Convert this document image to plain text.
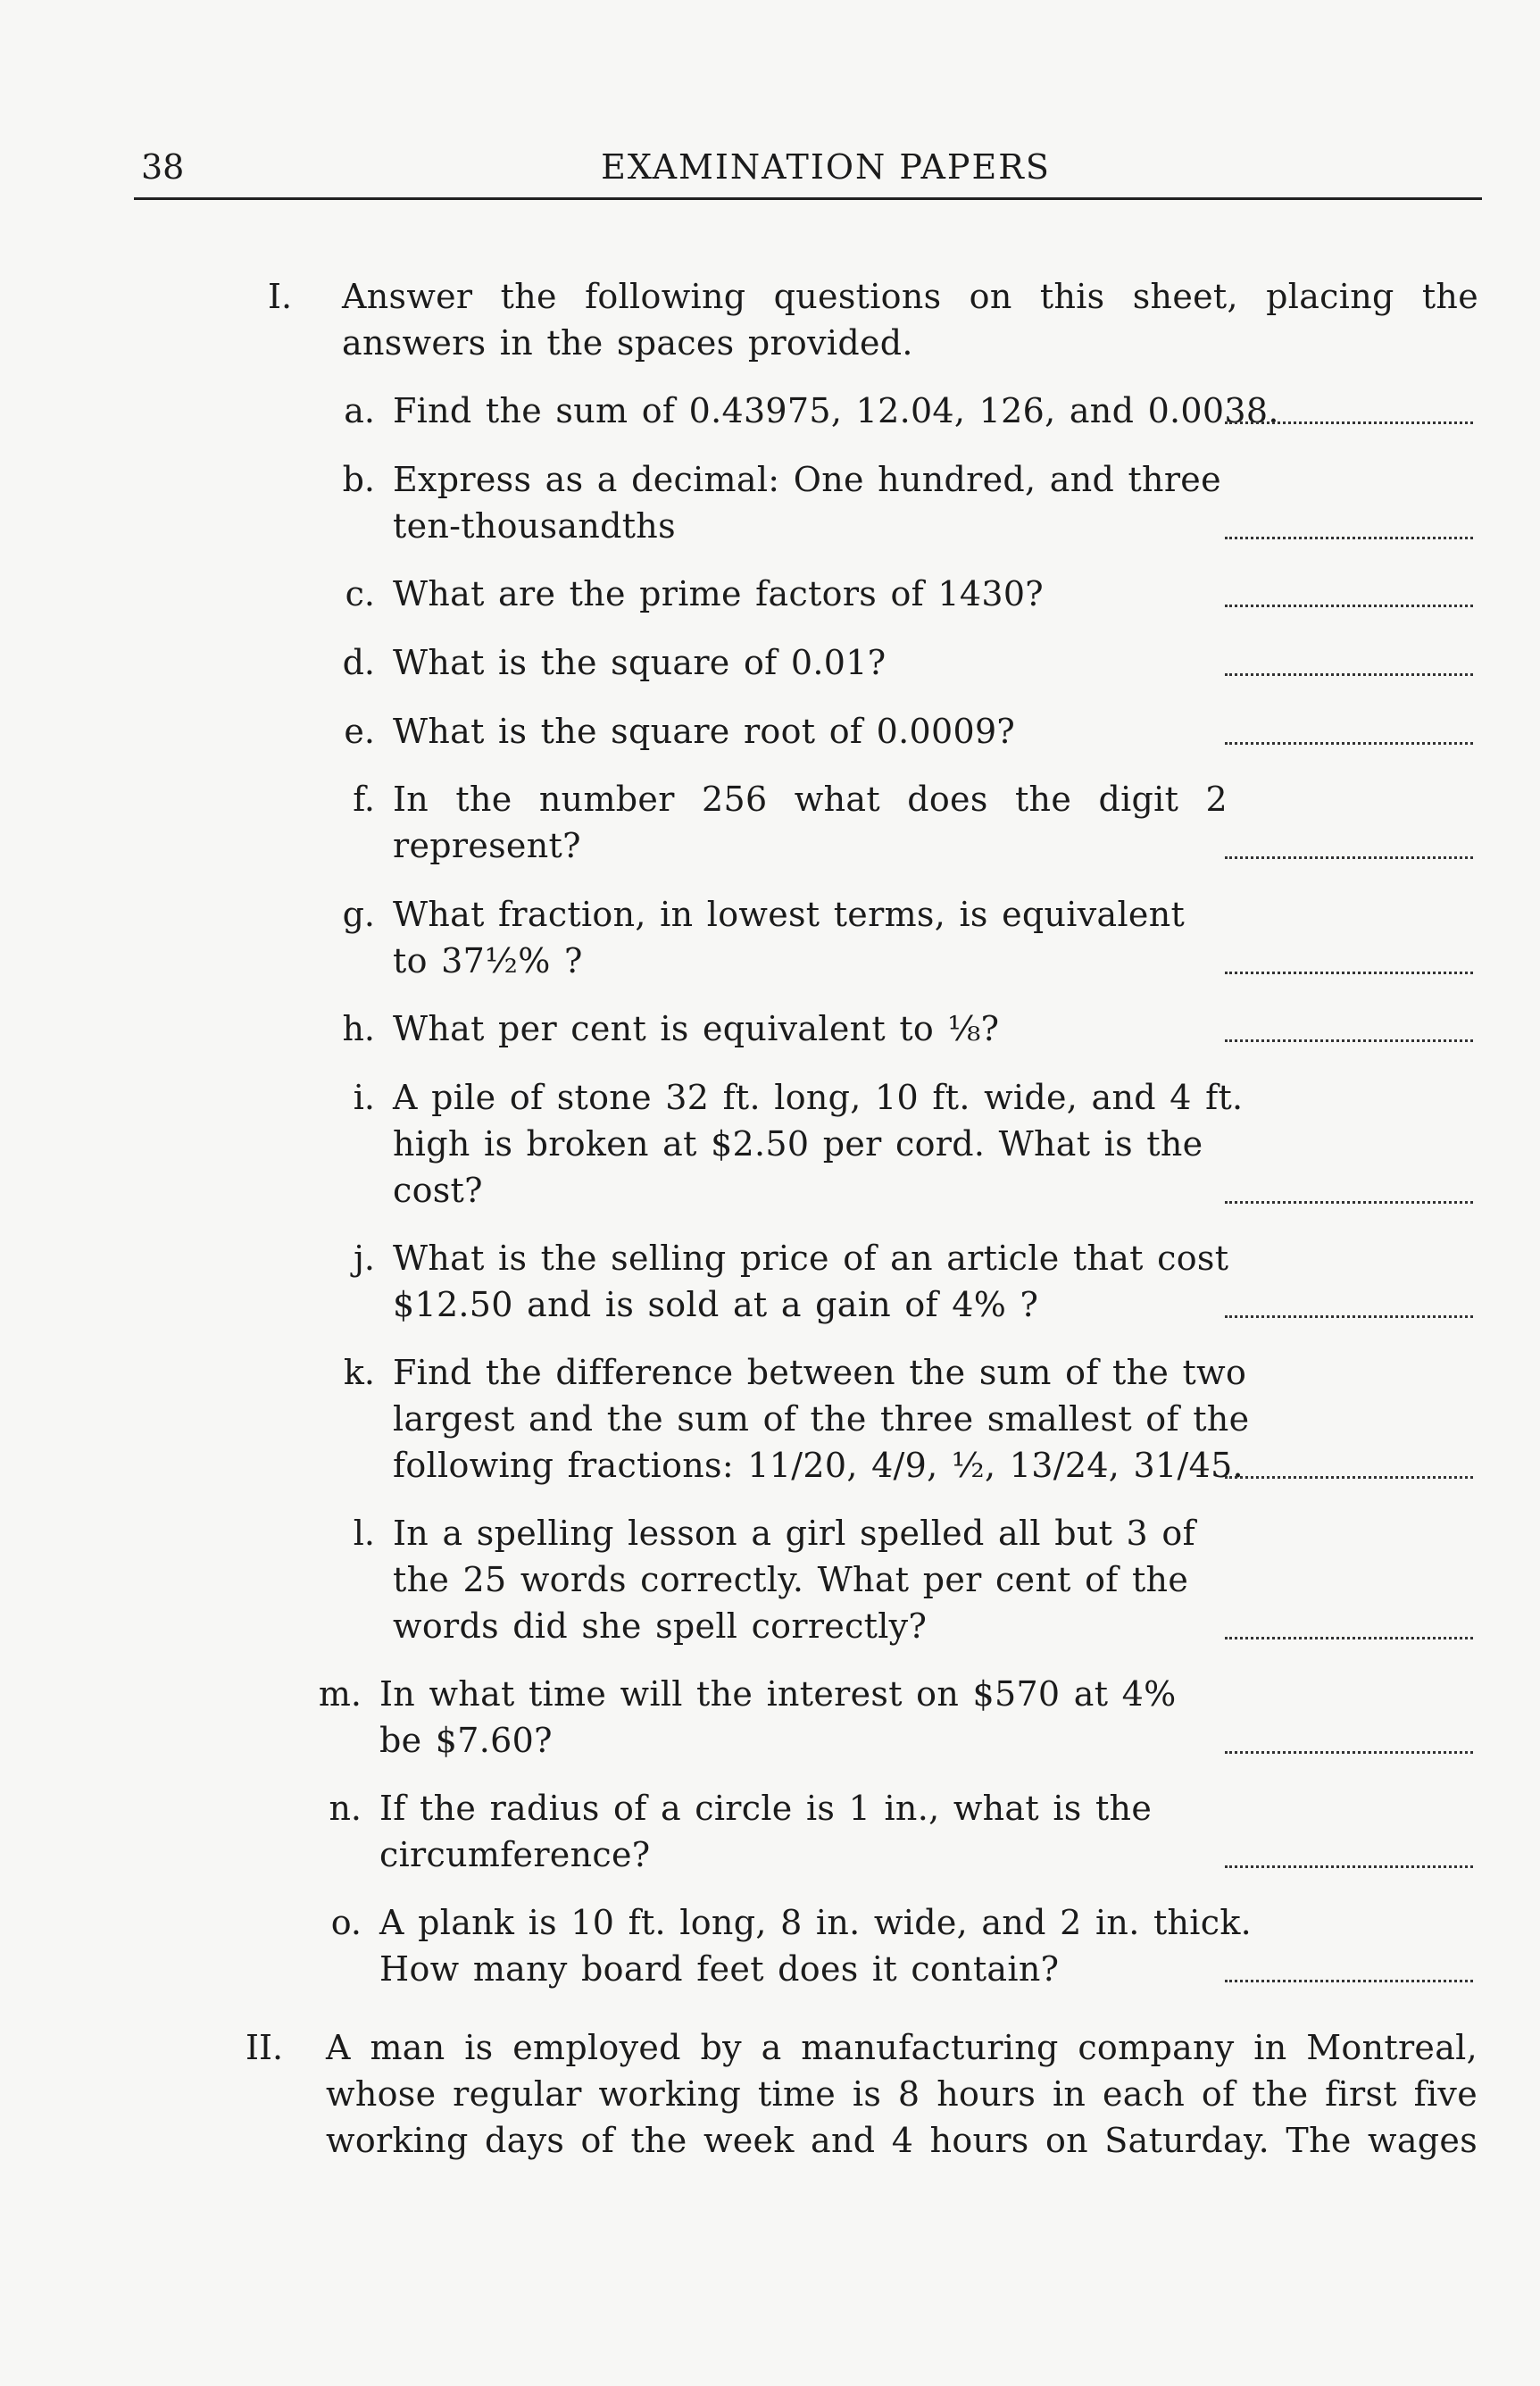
38	EXAMINATION PAPERS
I. Answer the following questions on this sheet, placing the
answers in the spaces provided.
a. Find the sum of 0.43975, 12.04, 126, and 0.0038.
b. Express as a decimal: One hundred, and three
ten-thousandths
c. What are the prime factors of 1430?
d. What is the square of 0.01?
e. What is the square root of 0.0009?
f. In the number 256 what does the digit 2
represent?
g. What fraction, in lowest terms, is equivalent
to 37½% ?
h. What per cent is equivalent to ⅛?
i. A pile of stone 32 ft. long, 10 ft. wide, and 4 ft.
high is broken at $2.50 per cord. What is the
cost?
j. What is the selling price of an article that cost
$12.50 and is sold at a gain of 4% ?
k. Find the difference between the sum of the two
largest and the sum of the three smallest of the
following fractions: 11/20, 4/9, ½, 13/24, 31/45.
l. In a spelling lesson a girl spelled all but 3 of
the 25 words correctly. What per cent of the
words did she spell correctly?
m. In what time will the interest on $570 at 4%
be $7.60?
n. If the radius of a circle is 1 in., what is the
circumference?
o. A plank is 10 ft. long, 8 in. wide, and 2 in. thick.
How many board feet does it contain?
II. A man is employed by a manufacturing company in Montreal,
whose regular working time is 8 hours in each of the first five
working days of the week and 4 hours on Saturday. The wages
